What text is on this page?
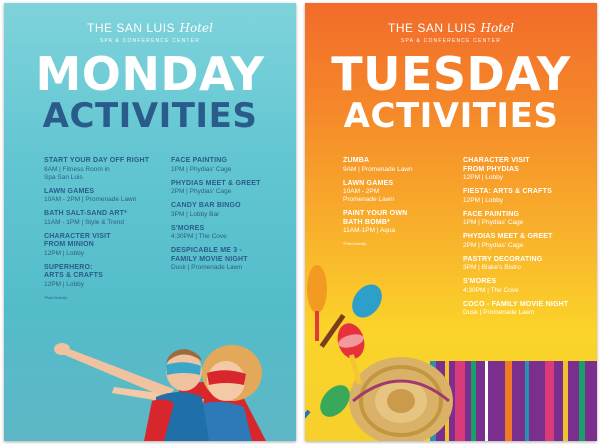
THE SAN LUIS Hotel
SPA & CONFERENCE CENTER
MONDAY
ACTIVITIES
START YOUR DAY OFF RIGHT
8AM | Fitness Room in
Spa San Luis
LAWN GAMES
10AM - 2PM | Promenade Lawn
BATH SALT-SAND ART*
11AM - 1PM | Style & Trend
CHARACTER VISIT
FROM MINION
12PM | Lobby
SUPERHERO:
ARTS & CRAFTS
12PM | Lobby
*Paid Activity
FACE PAINTING
1PM | Phydias' Cage
PHYDIAS MEET & GREET
2PM | Phydias' Cage
CANDY BAR BINGO
3PM | Lobby Bar
S'MORES
4:30PM | The Cove
DESPICABLE ME 3 -
FAMILY MOVIE NIGHT
Dusk | Promenade Lawn
THE SAN LUIS Hotel
SPA & CONFERENCE CENTER
TUESDAY
ACTIVITIES
ZUMBA
9AM | Promenade Lawn
LAWN GAMES
10AM - 2PM
Promenade Lawn
PAINT YOUR OWN
BATH BOMB*
11AM-1PM | Aqua
*Paid Activity
CHARACTER VISIT
FROM PHYDIAS
12PM | Lobby
FIESTA: ARTS & CRAFTS
12PM | Lobby
FACE PAINTING
1PM | Phydias' Cage
PHYDIAS MEET & GREET
2PM | Phydias' Cage
PASTRY DECORATING
3PM | Blake's Bistro
S'MORES
4:30PM | The Cove
COCO - FAMILY MOVIE NIGHT
Dusk | Promenade Lawn
